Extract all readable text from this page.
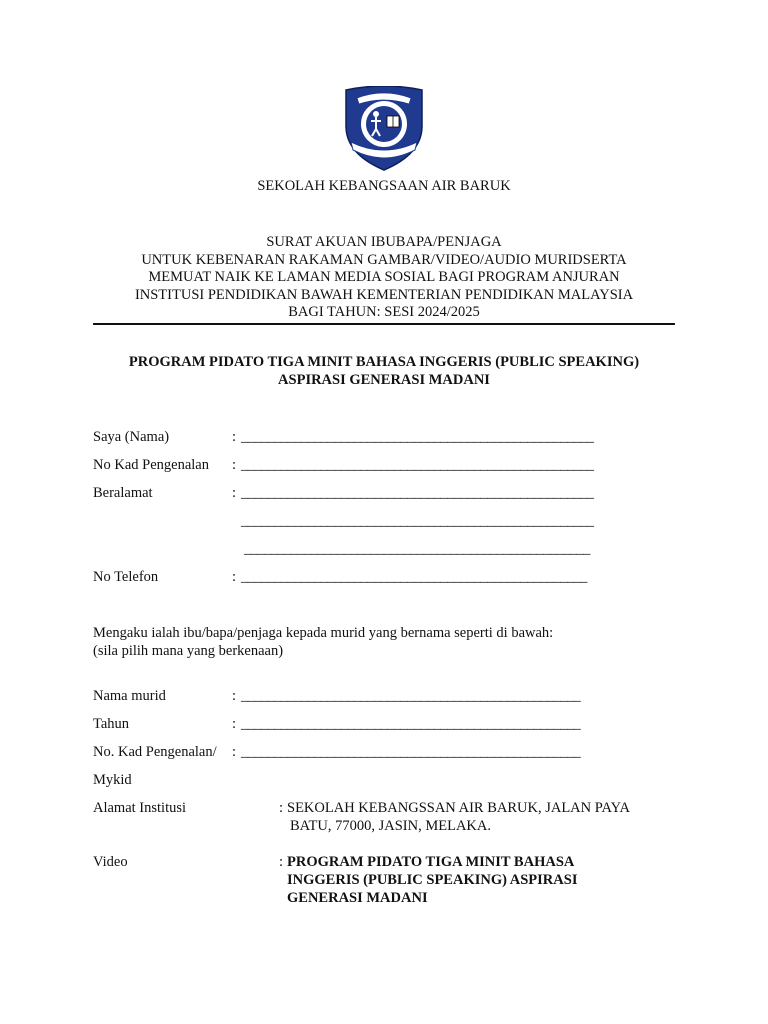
SEKOLAH KEBANGSAAN AIR BARUK
SURAT AKUAN IBUBAPA/PENJAGA
UNTUK KEBENARAN RAKAMAN GAMBAR/VIDEO/AUDIO MURIDSERTA
MEMUAT NAIK KE LAMAN MEDIA SOSIAL BAGI PROGRAM ANJURAN
INSTITUSI PENDIDIKAN BAWAH KEMENTERIAN PENDIDIKAN MALAYSIA
BAGI TAHUN: SESI 2024/2025
PROGRAM PIDATO TIGA MINIT BAHASA INGGERIS (PUBLIC SPEAKING)
ASPIRASI GENERASI MADANI
Saya (Nama)	: _____________________________________________________
No Kad Pengenalan : _____________________________________________________
Beralamat	: _____________________________________________________
_____________________________________________________
____________________________________________________
No Telefon	: ____________________________________________________
Mengaku ialah ibu/bapa/penjaga kepada murid yang bernama seperti di bawah:
(sila pilih mana yang berkenaan)
Nama murid	: ___________________________________________________
Tahun	: ___________________________________________________
No. Kad Pengenalan/ : ___________________________________________________
Mykid
Alamat Institusi	: SEKOLAH KEBANGSSAN AIR BARUK, JALAN PAYA
BATU, 77000, JASIN, MELAKA.
Video	: PROGRAM PIDATO TIGA MINIT BAHASA
INGGERIS (PUBLIC SPEAKING) ASPIRASI
GENERASI MADANI
